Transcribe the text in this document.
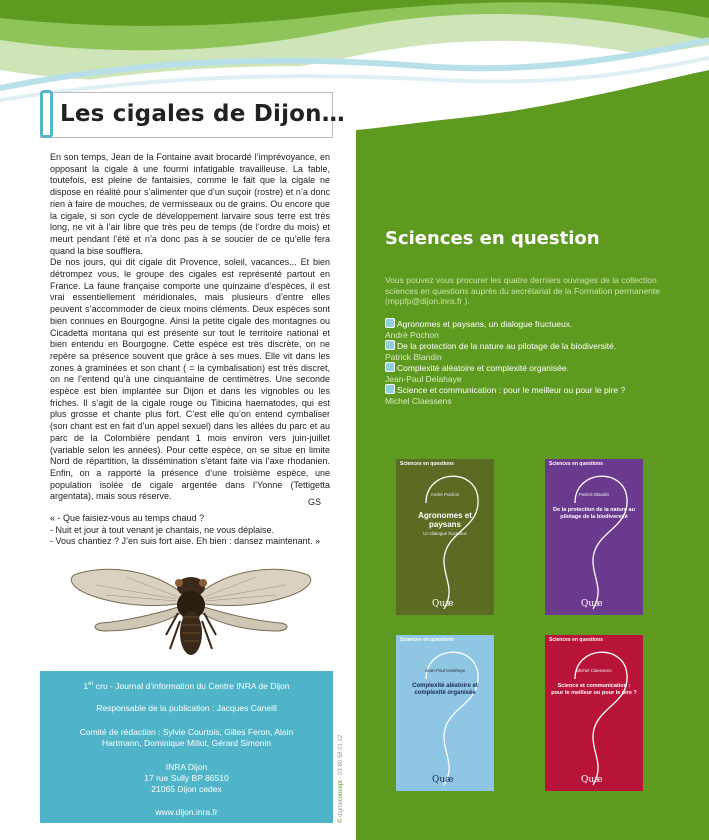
Les cigales de Dijon…

En son temps, Jean de la Fontaine avait brocardé l’imprévoyance, en opposant la cigale à une fourmi infatigable travailleuse. La fable, toutefois, est pleine de fantaisies, comme le fait que la cigale ne dispose en réalité pour s’alimenter que d’un suçoir (rostre) et n’a donc rien à faire de mouches, de vermisseaux ou de grains. Ou encore que la cigale, si son cycle de développement larvaire sous terre est très long, ne vit à l’air libre que très peu de temps (de l’ordre du mois) et meurt pendant l’été et n’a donc pas à se soucier de ce qu’elle fera quand la bise soufflera.

De nos jours, qui dit cigale dit Provence, soleil, vacances... Et bien détrompez vous, le groupe des cigales est représenté partout en France. La faune française comporte une quinzaine d’espèces, il est vrai essentiellement méridionales, mais plusieurs d’entre elles peuvent s’accommoder de cieux moins cléments. Deux espèces sont bien connues en Bourgogne. Ainsi la petite cigale des montagnes ou Cicadetta montana qui est présente sur tout le territoire national et bien entendu en Bourgogne. Cette espèce est très discrète, on ne repère sa présence souvent que grâce à ses mues. Elle vit dans les zones à graminées et son chant ( = la cymbalisation) est très discret, on ne l’entend qu’à une cinquantaine de centimètres. Une seconde espèce est bien implantée sur Dijon et dans les vignobles ou les friches. Il s’agit de la cigale rouge ou Tibicina haematodes, qui est plus grosse et chante plus fort. C’est elle qu’on entend cymbaliser (son chant est en fait d’un appel sexuel) dans les allées du parc et au parc de la Colombière pendant 1 mois environ vers juin-juillet (variable selon les années). Pour cette espèce, on se situe en limite Nord de répartition, la dissémination s’étant faite via l’axe rhodanien. Enfin, on a rapporté la présence d’une troisième espèce, une population isolée de cigale argentée dans l’Yonne (Tettigetta argentata), mais sous réserve.

GS
« - Que faisiez-vous au temps chaud ?
- Nuit et jour à tout venant je chantais, ne vous déplaise.
- Vous chantiez ? J’en suis fort aise. Eh bien : dansez maintenant. »
1er cru - Journal d’information du Centre INRA de Dijon
Responsable de la publication : Jacques Caneill
Comité de rédaction : Sylvie Courtois, Gilles Feron, Alain
Hartmann, Dominique Millot, Gérard Simonin
INRA Dijon
17 rue Sully BP 86510
21065 Dijon cedex
www.dijon.inra.fr
© digitalconcept - 03 80 58 01 12
Sciences en question
Vous pouvez vous procurer les quatre derniers ouvrages de la collection sciences en questions auprès du secrétariat de la Formation permanente (mppfp@dijon.inra.fr ).
Agronomes et paysans, un dialogue fructueux.
André Pochon
De la protection de la nature au pilotage de la biodiversité.
Patrick Blandin
Complexité aléatoire et complexité organisée.
Jean-Paul Delahaye
Science et communication : pour le meilleur ou pour le pire ?
Michel Claessens
Sciences en questions
André Pochon
Agronomes et paysans
Un dialogue fructueux
Quæ
Sciences en questions
Patrick Blandin
De la protection de la nature au pilotage de la biodiversité
Quæ
Sciences en questions
Jean-Paul Delahaye
Complexité aléatoire et complexité organisée
Quæ
Sciences en questions
Michel Claessens
Science et communication : pour le meilleur ou pour le pire ?
Quæ
